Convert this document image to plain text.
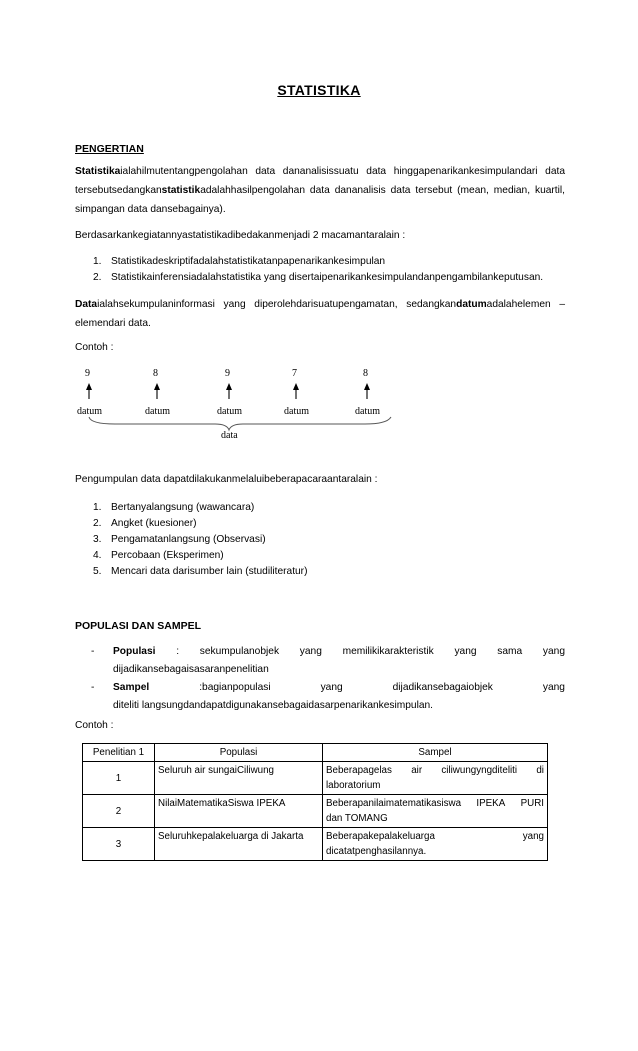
STATISTIKA
PENGERTIAN
Statistikaialahilmutentangpengolahan data dananalisissuatu data hinggapenarikankesimpulandari data tersebutsedangkanstatistikadalahhasilpengolahan data dananalisis data tersebut (mean, median, kuartil, simpangan data dansebagainya).
Berdasarkankegiatannyastatistikadibedakanmenjadi 2 macamantaralain :
1. Statistikadeskriptifadalahstatistikatanpapenarikankesimpulan
2. Statistikainferensiadalahstatistika yang disertaipenarikankesimpulandanpengambilankeputusan.
Dataialahsekumpulaninformasi yang diperolehdarisuatupengamatan, sedangkandatumadalahelemen – elemendari data.
Contoh :
9
datum
8
datum
9
datum
7
datum
8
datum
data
Pengumpulan data dapatdilakukanmelaluibeberapacaraantaralain :
1. Bertanyalangsung (wawancara)
2. Angket (kuesioner)
3. Pengamatanlangsung (Observasi)
4. Percobaan (Eksperimen)
5. Mencari data darisumber lain (studiliteratur)
POPULASI DAN SAMPEL
-	Populasi : sekumpulanobjek yang memilikikarakteristik yang sama yang
dijadikansebagaisasaranpenelitian
-	Sampel	:bagianpopulasi	yang	dijadikansebagaiobjek	yang
diteliti langsungdandapatdigunakansebagaidasarpenarikankesimpulan.
Contoh :
Penelitian 1	Populasi	Sampel
1	Seluruh air sungaiCiliwung	Beberapagelas air ciliwungyngditeliti di
laboratorium

2	NilaiMatematikaSiswa IPEKA	Beberapanilaimatematikasiswa IPEKA PURI
dan TOMANG

3	Seluruhkepalakeluarga di Jakarta	Beberapakepalakeluarga yang
dicatatpenghasilannya.
